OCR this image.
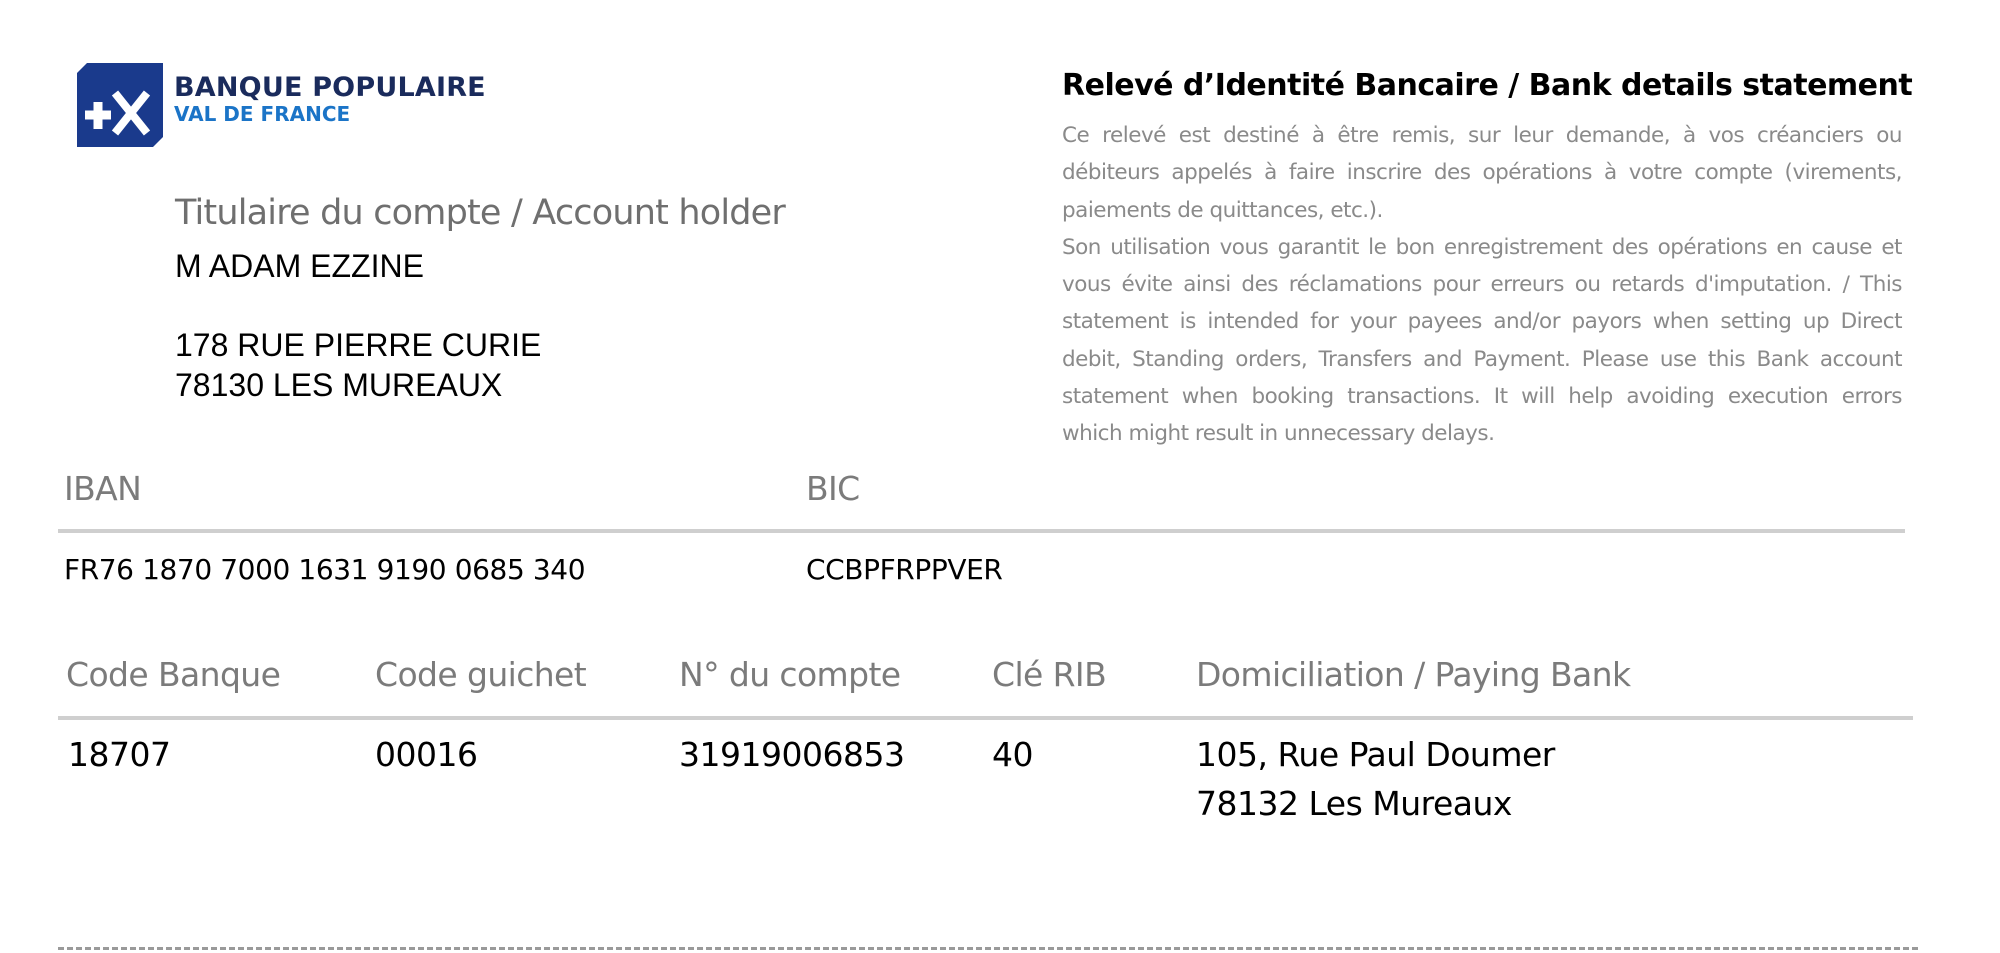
BANQUE POPULAIRE
VAL DE FRANCE
Titulaire du compte / Account holder
M ADAM EZZINE
178 RUE PIERRE CURIE
78130 LES MUREAUX
Relevé d’Identité Bancaire / Bank details statement

Ce relevé est destiné à être remis, sur leur demande, à vos créanciers ou débiteurs appelés à faire inscrire des opérations à votre compte (virements, paiements de quittances, etc.).

Son utilisation vous garantit le bon enregistrement des opérations en cause et vous évite ainsi des réclamations pour erreurs ou retards d'imputation. / This statement is intended for your payees and/or payors when setting up Direct debit, Standing orders, Transfers and Payment. Please use this Bank account statement when booking transactions. It will help avoiding execution errors which might result in unnecessary delays.

IBAN	BIC
FR76 1870 7000 1631 9190 0685 340	CCBPFRPPVER
Code Banque	Code guichet	N° du compte	Clé RIB	Domiciliation / Paying Bank
18707	00016	31919006853	40	105, Rue Paul Doumer
78132 Les Mureaux
